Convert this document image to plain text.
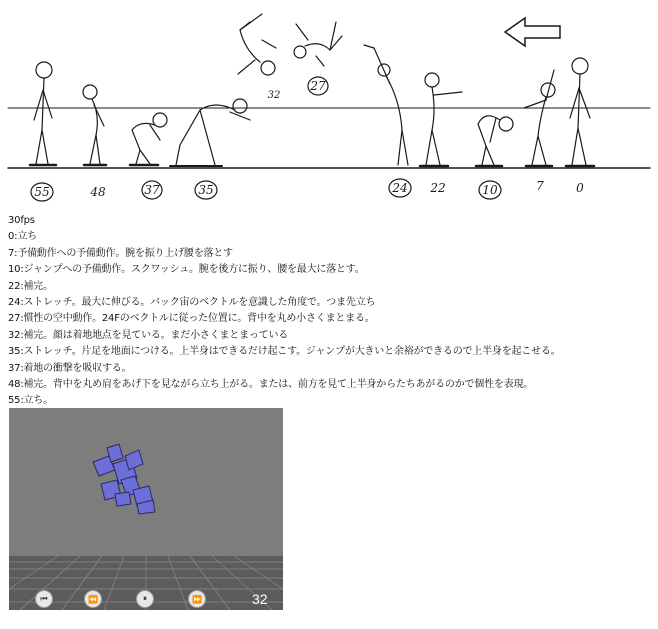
55	48	37	35
32
27
24 22	10	7	0
30fps
0:立ち
7:予備動作への予備動作。腕を振り上げ腰を落とす
10:ジャンプへの予備動作。スクワッシュ。腕を後方に振り、腰を最大に落とす。
22:補完。
24:ストレッチ。最大に伸びる。バック宙のベクトルを意識した角度で。つま先立ち
27:慣性の空中動作。24Fのベクトルに従った位置に。背中を丸め小さくまとまる。
32:補完。顔は着地地点を見ている。まだ小さくまとまっている
35:ストレッチ。片足を地面につける。上半身はできるだけ起こす。ジャンプが大きいと余裕ができるので上半身を起こせる。
37:着地の衝撃を吸収する。
48:補完。背中を丸め肩をあげ下を見ながら立ち上がる。または、前方を見て上半身からたちあがるのかで個性を表現。
55:立ち。
⏮	⏪	⏸	⏩	32
